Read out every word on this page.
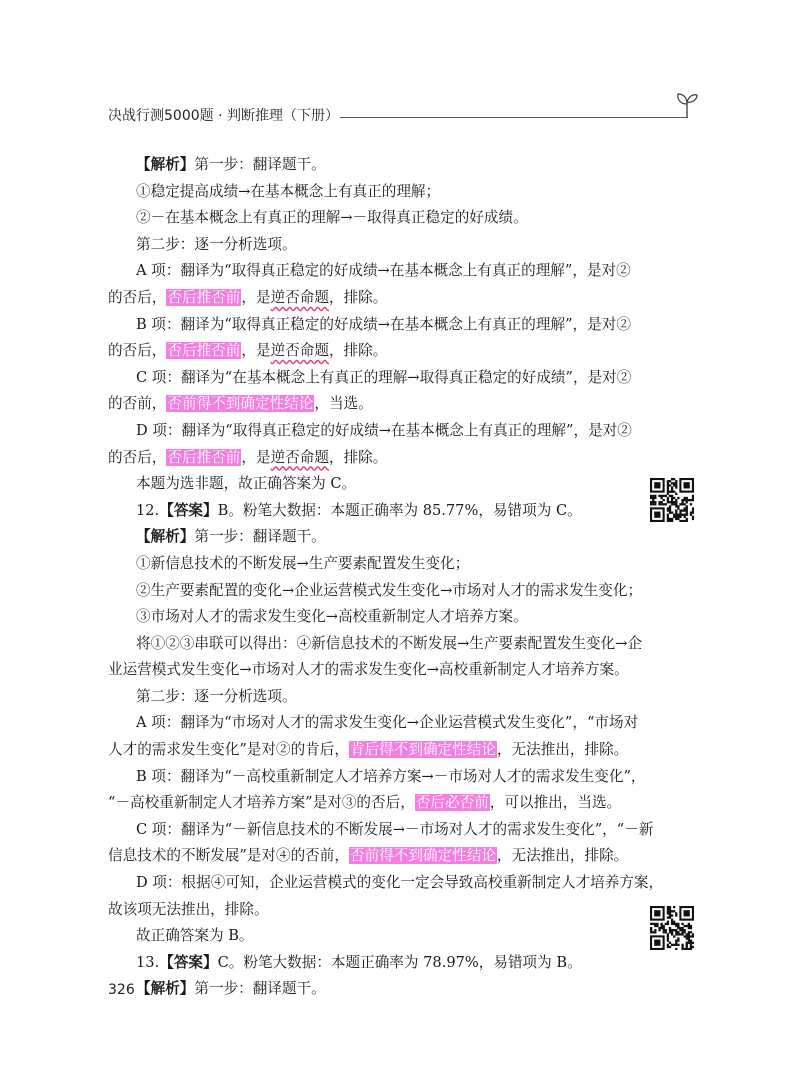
决战行测5000题 · 判断推理（下册）

【解析】第一步：翻译题干。

①稳定提高成绩→在基本概念上有真正的理解；

②－在基本概念上有真正的理解→－取得真正稳定的好成绩。

第二步：逐一分析选项。

A 项：翻译为“取得真正稳定的好成绩→在基本概念上有真正的理解”，是对②

的否后，否后推否前，是逆否命题，排除。

B 项：翻译为“取得真正稳定的好成绩→在基本概念上有真正的理解”，是对②

的否后，否后推否前，是逆否命题，排除。

C 项：翻译为“在基本概念上有真正的理解→取得真正稳定的好成绩”，是对②

的否前，否前得不到确定性结论，当选。

D 项：翻译为“取得真正稳定的好成绩→在基本概念上有真正的理解”，是对②

的否后，否后推否前，是逆否命题，排除。

本题为选非题，故正确答案为 C。

12.【答案】B。粉笔大数据：本题正确率为 85.77%，易错项为 C。

【解析】第一步：翻译题干。

①新信息技术的不断发展→生产要素配置发生变化；

②生产要素配置的变化→企业运营模式发生变化→市场对人才的需求发生变化；

③市场对人才的需求发生变化→高校重新制定人才培养方案。

将①②③串联可以得出：④新信息技术的不断发展→生产要素配置发生变化→企

业运营模式发生变化→市场对人才的需求发生变化→高校重新制定人才培养方案。

第二步：逐一分析选项。

A 项：翻译为“市场对人才的需求发生变化→企业运营模式发生变化”，“市场对

人才的需求发生变化”是对②的肯后，肯后得不到确定性结论，无法推出，排除。

B 项：翻译为“－高校重新制定人才培养方案→－市场对人才的需求发生变化”，

“－高校重新制定人才培养方案”是对③的否后，否后必否前，可以推出，当选。

C 项：翻译为“－新信息技术的不断发展→－市场对人才的需求发生变化”，“－新

信息技术的不断发展”是对④的否前，否前得不到确定性结论，无法推出，排除。

D 项：根据④可知，企业运营模式的变化一定会导致高校重新制定人才培养方案，

故该项无法推出，排除。

故正确答案为 B。

13.【答案】C。粉笔大数据：本题正确率为 78.97%，易错项为 B。

【解析】第一步：翻译题干。

326
